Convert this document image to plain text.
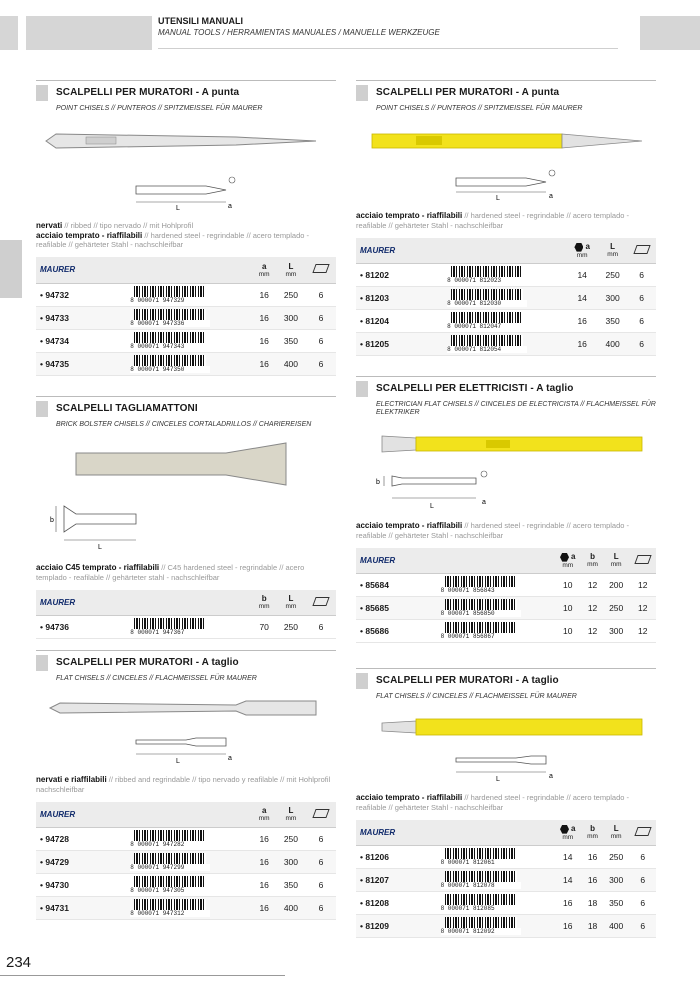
UTENSILI MANUALI
MANUAL TOOLS / HERRAMIENTAS MANUALES / MANUELLE WERKZEUGE
SCALPELLI PER MURATORI - A punta
POINT CHISELS // PUNTEROS // SPITZMEISSEL FÜR MAURER

L	a
nervati // ribbed // tipo nervado // mit Hohlprofil
acciaio temprato - riaffilabili // hardened steel - regrindable // acero templado - reafilable // gehärteter Stahl - nachschleifbar
MAURER		a
mm	L
mm	

• 94732	8 000071 947329	16	250	6
• 94733	8 000071 947336	16	300	6
• 94734	8 000071 947343	16	350	6
• 94735	8 000071 947350	16	400	6
SCALPELLI TAGLIAMATTONI
BRICK BOLSTER CHISELS // CINCELES CORTALADRILLOS // CHARIEREISEN

b
L
acciaio C45 temprato - riaffilabili // C45 hardened steel - regrindable // acero templado - reafilable // gehärteter stahl - nachschleifbar
MAURER		b
mm	L
mm	

• 94736	8 000071 947367	70	250	6
SCALPELLI PER MURATORI - A taglio
FLAT CHISELS // CINCELES // FLACHMEISSEL FÜR MAURER

L	a
nervati e riaffilabili // ribbed and regrindable // tipo nervado y reafilable // mit Hohlprofil nachschleifbar
MAURER		a
mm	L
mm	

• 94728	8 000071 947282	16	250	6
• 94729	8 000071 947299	16	300	6
• 94730	8 000071 947305	16	350	6
• 94731	8 000071 947312	16	400	6
SCALPELLI PER MURATORI - A punta
POINT CHISELS // PUNTEROS // SPITZMEISSEL FÜR MAURER

L	a
acciaio temprato - riaffilabili // hardened steel - regrindable // acero templado - reafilable // gehärteter Stahl - nachschleifbar
MAURER		a
mm	L
mm	

• 81202	8 000071 812023	14	250	6
• 81203	8 000071 812030	14	300	6
• 81204	8 000071 812047	16	350	6
• 81205	8 000071 812054	16	400	6
SCALPELLI PER ELETTRICISTI - A taglio
ELECTRICIAN FLAT CHISELS // CINCELES DE ELECTRICISTA // FLACHMEISSEL FÜR ELEKTRIKER

b
L
a
acciaio temprato - riaffilabili // hardened steel - regrindable // acero templado - reafilable // gehärteter Stahl - nachschleifbar
MAURER		a
mm	b
mm	L
mm	

• 85684	8 000071 856843	10	12	200	12
• 85685	8 000071 856850	10	12	250	12
• 85686	8 000071 856867	10	12	300	12
SCALPELLI PER MURATORI - A taglio
FLAT CHISELS // CINCELES // FLACHMEISSEL FÜR MAURER

L	a
acciaio temprato - riaffilabili // hardened steel - regrindable // acero templado - reafilable // gehärteter Stahl - nachschleifbar
MAURER		a
mm	b
mm	L
mm	

• 81206	8 000071 812061	14	16	250	6
• 81207	8 000071 812078	14	16	300	6
• 81208	8 000071 812085	16	18	350	6
• 81209	8 000071 812092	16	18	400	6
234
